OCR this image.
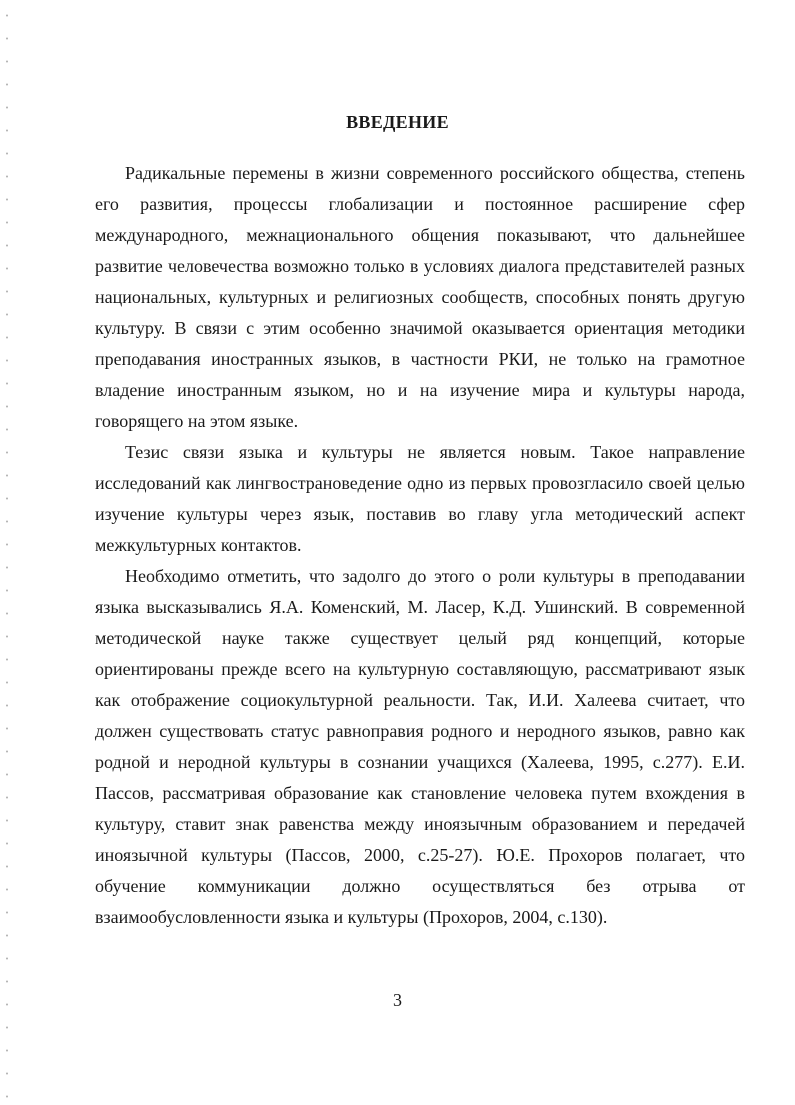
ВВЕДЕНИЕ

Радикальные перемены в жизни современного российского общества, степень его развития, процессы глобализации и постоянное расширение сфер международного, межнационального общения показывают, что дальнейшее развитие человечества возможно только в условиях диалога представителей разных национальных, культурных и религиозных сообществ, способных понять другую культуру. В связи с этим особенно значимой оказывается ориентация методики преподавания иностранных языков, в частности РКИ, не только на грамотное владение иностранным языком, но и на изучение мира и культуры народа, говорящего на этом языке.

Тезис связи языка и культуры не является новым. Такое направление исследований как лингвострановедение одно из первых провозгласило своей целью изучение культуры через язык, поставив во главу угла методический аспект межкультурных контактов.

Необходимо отметить, что задолго до этого о роли культуры в преподавании языка высказывались Я.А. Коменский, М. Ласер, К.Д. Ушинский. В современной методической науке также существует целый ряд концепций, которые ориентированы прежде всего на культурную составляющую, рассматривают язык как отображение социокультурной реальности. Так, И.И. Халеева считает, что должен существовать статус равноправия родного и неродного языков, равно как родной и неродной культуры в сознании учащихся (Халеева, 1995, с.277). Е.И. Пассов, рассматривая образование как становление человека путем вхождения в культуру, ставит знак равенства между иноязычным образованием и передачей иноязычной культуры (Пассов, 2000, с.25-27). Ю.Е. Прохоров полагает, что обучение коммуникации должно осуществляться без отрыва от взаимообусловленности языка и культуры (Прохоров, 2004, с.130).

3
